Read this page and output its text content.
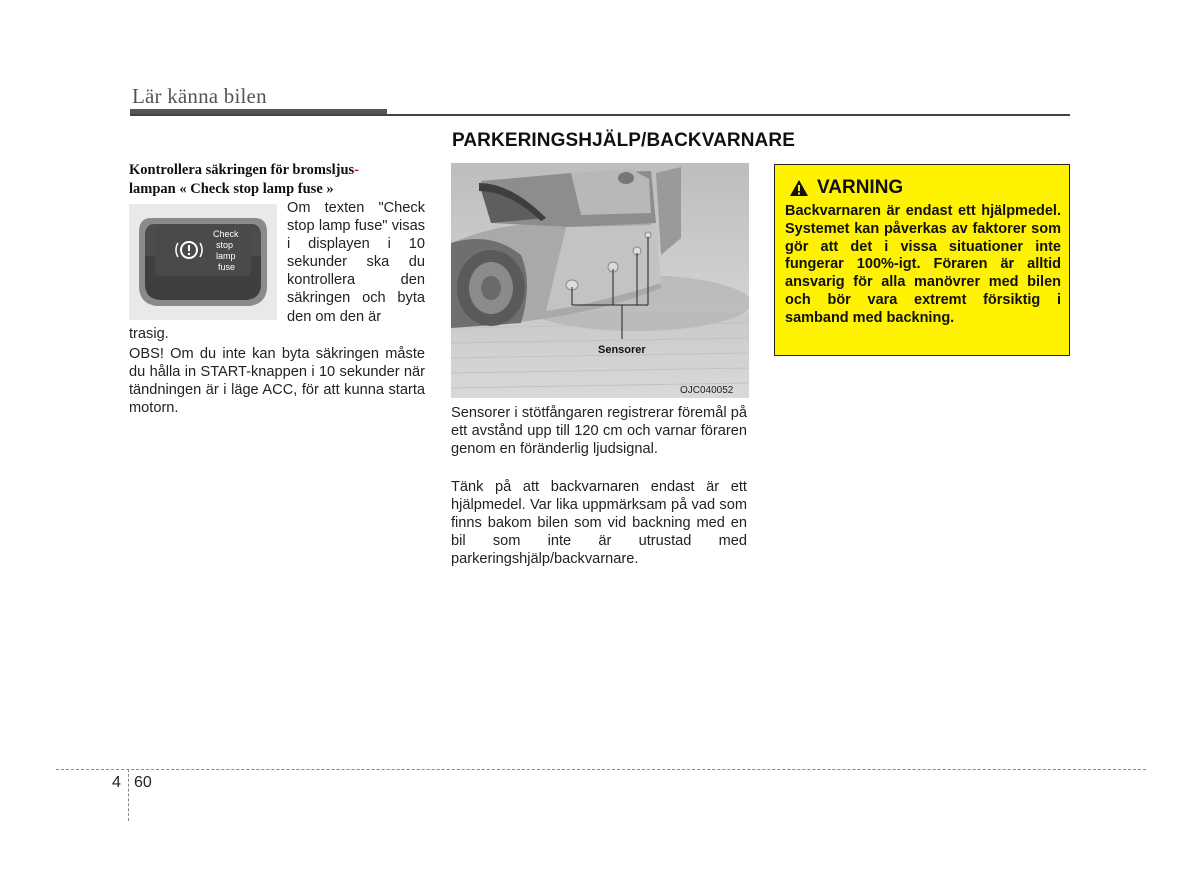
Lär känna bilen
PARKERINGSHJÄLP/BACKVARNARE
Kontrollera säkringen för bromsljus-
lampan « Check stop lamp fuse »
Check
stop
lamp
fuse
Om texten "Check stop lamp fuse" visas i displayen i 10 sekunder ska du kontrollera den säkringen och byta den om den är
trasig.
OBS! Om du inte kan byta säkringen måste du hålla in START-knappen i 10 sekunder när tändningen är i läge ACC, för att kunna starta motorn.
Sensorer
OJC040052
Sensorer i stötfångaren registrerar föremål på ett avstånd upp till 120 cm och varnar föraren genom en föränderlig ljudsignal.
Tänk på att backvarnaren endast är ett hjälpmedel. Var lika uppmärksam på vad som finns bakom bilen som vid backning med en bil som inte är utrustad med parkeringshjälp/backvarnare.
VARNING
Backvarnaren är endast ett hjälpmedel. Systemet kan påverkas av faktorer som gör att det i vissa situationer inte fungerar 100%-igt. Föraren är alltid ansvarig för alla manövrer med bilen och bör vara extremt försiktig i samband med backning.
4 60
